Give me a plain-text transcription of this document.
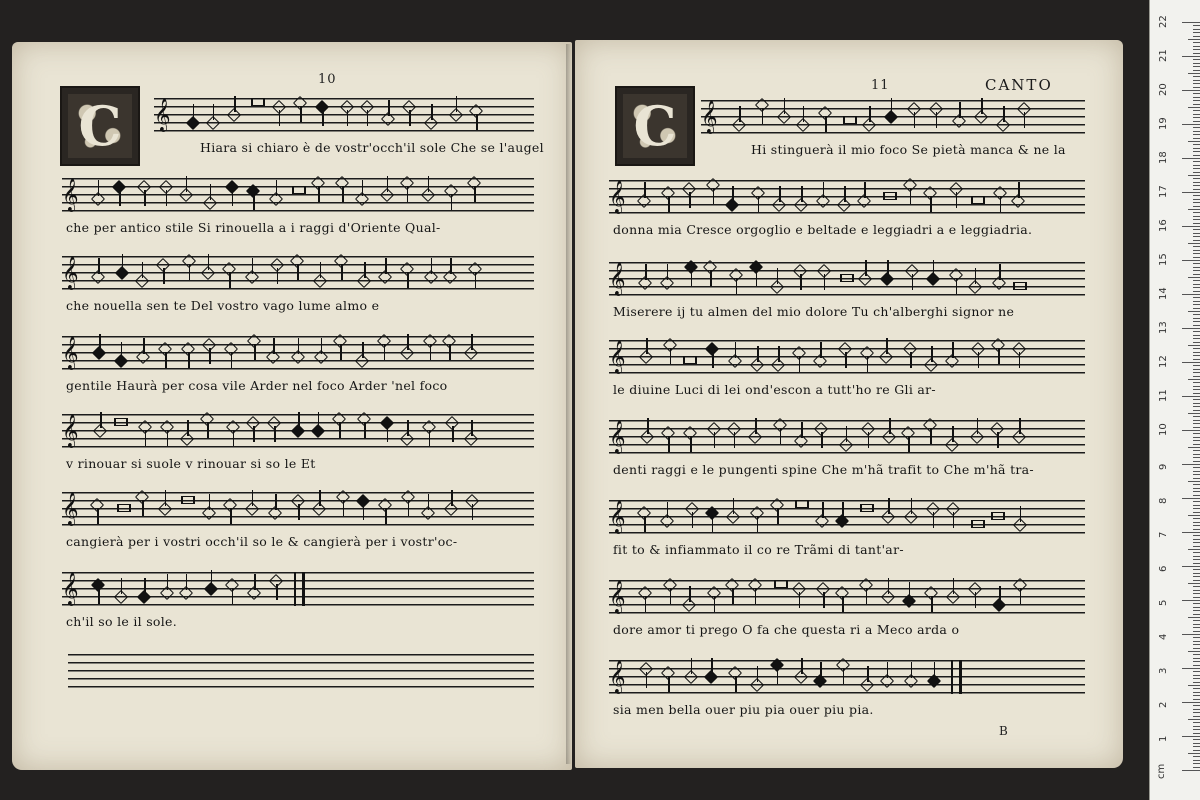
10
C	𝄞
𝄞
𝄞
𝄞
𝄞
𝄞
𝄞
Hiara si chiaro è de vostr'occh'il sole Che se l'augel
che per antico stile Si rinouella a i raggi d'Oriente Qual-
che nouella sen te Del vostro vago lume almo e
gentile Haurà per cosa vile Arder nel foco Arder 'nel foco
v rinouar si suole v rinouar si so le Et
cangierà per i vostri occh'il so le & cangierà per i vostr'oc-
ch'il so le il sole.
11	CANTO
C 𝄞
𝄞
𝄞
𝄞
𝄞
𝄞
𝄞
𝄞
Hi stinguerà il mio foco Se pietà manca & ne la
donna mia Cresce orgoglio e beltade e leggiadri a e leggiadria.
Miserere ij tu almen del mio dolore Tu ch'alberghi signor ne
le diuine Luci di lei ond'escon a tutt'ho re Gli ar-
denti raggi e le pungenti spine Che m'hã trafit to Che m'hã tra-
fit to & infiammato il co re Trãmi di tant'ar-
dore amor ti prego O fa che questa ri a Meco arda o
sia men bella ouer piu pia ouer piu pia.
B
cm
1
2
3
4
5
6
7
8
9
10
11
12
13
14
15
16
17
18
19
20
21
22
